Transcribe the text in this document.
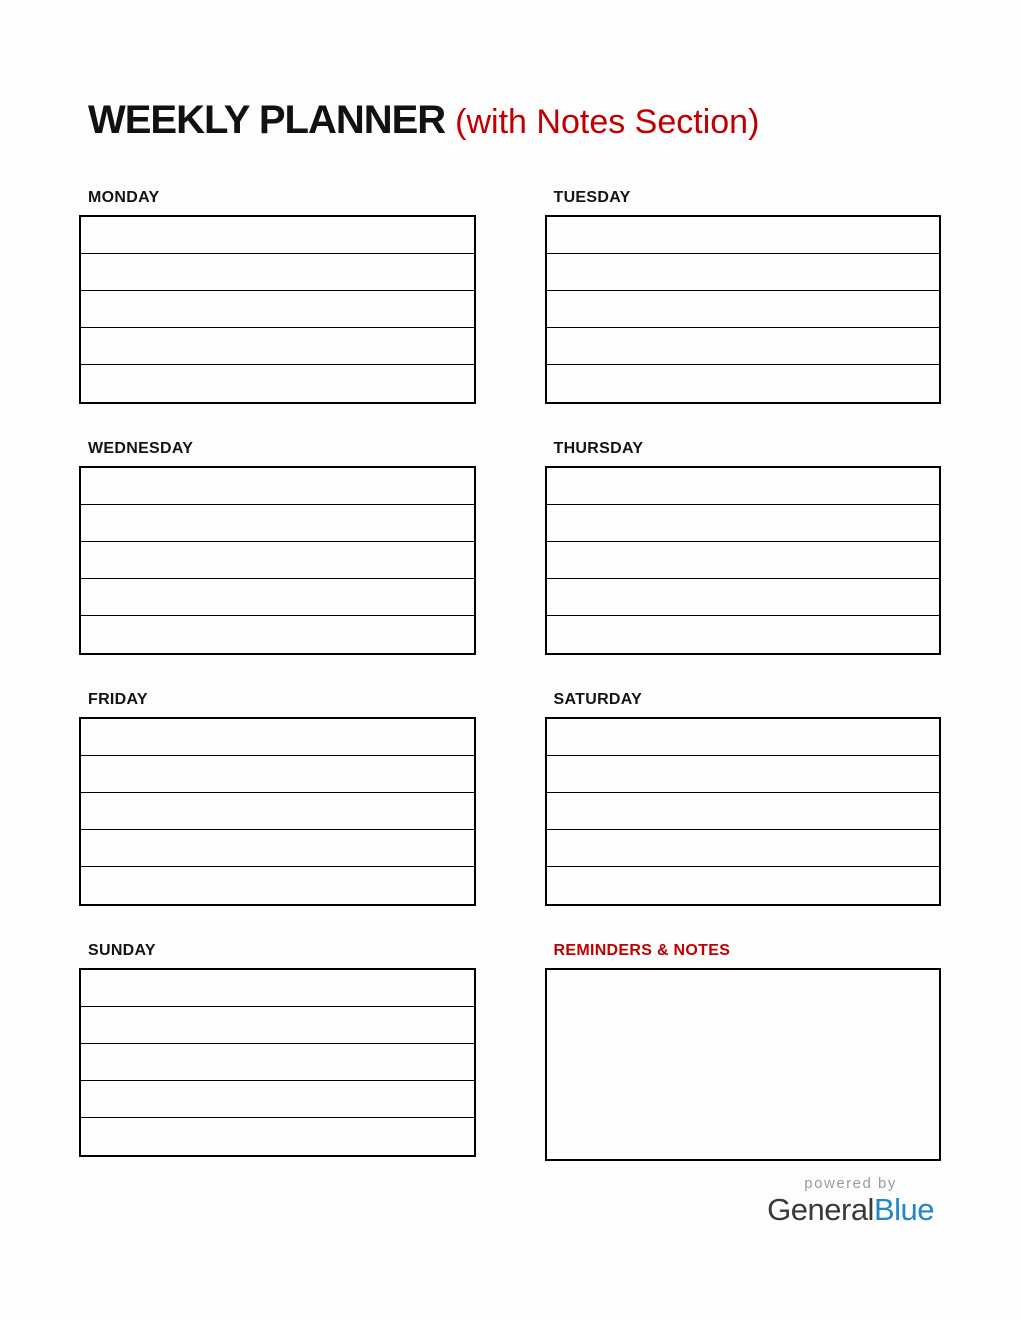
WEEKLY PLANNER (with Notes Section)
MONDAY	TUESDAY
WEDNESDAY	THURSDAY
FRIDAY	SATURDAY
SUNDAY	REMINDERS & NOTES
powered by
GeneralBlue
